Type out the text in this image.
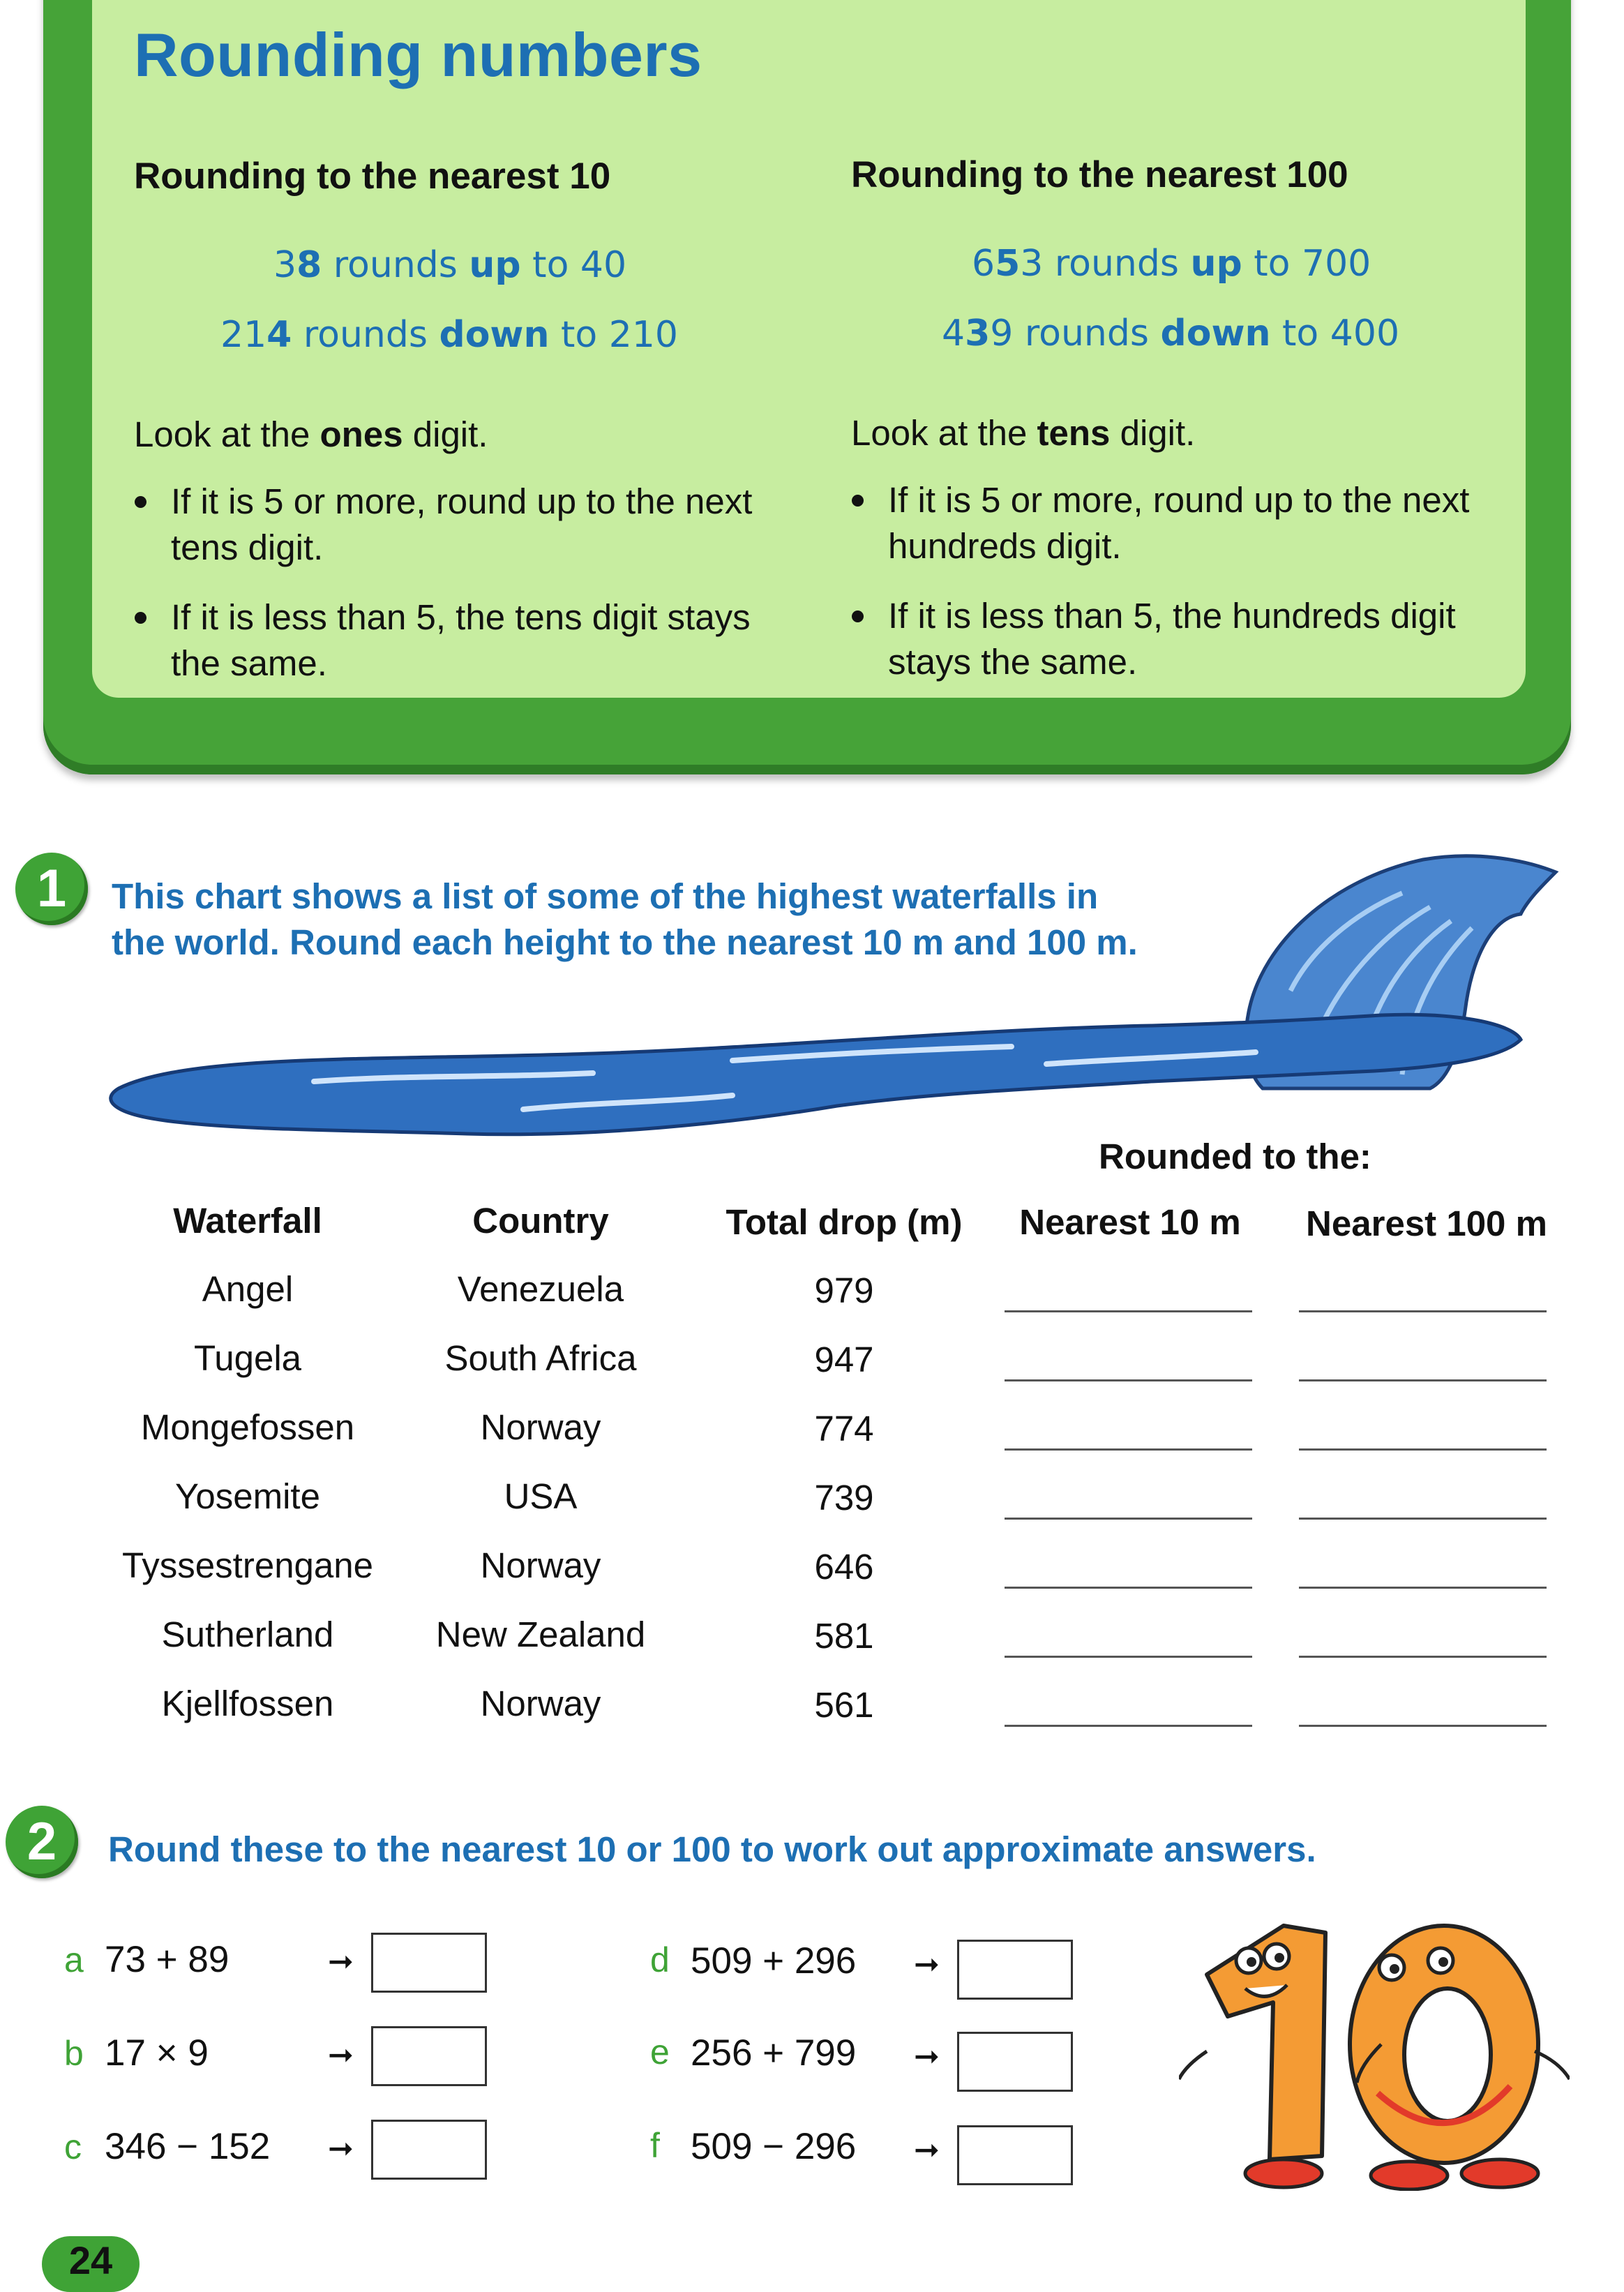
Rounding numbers
Rounding to the nearest 10
38 rounds up to 40
214 rounds down to 210
Look at the ones digit.
If it is 5 or more, round up to the next tens digit.
If it is less than 5, the tens digit stays the same.
Rounding to the nearest 100
653 rounds up to 700
439 rounds down to 400
Look at the tens digit.
If it is 5 or more, round up to the next hundreds digit.
If it is less than 5, the hundreds digit stays the same.
1	This chart shows a list of some of the highest waterfalls in
the world. Round each height to the nearest 10 m and 100 m.
Rounded to the:
Waterfall	Country	Total drop (m)	Nearest 10 m	Nearest 100 m
Angel	Venezuela	979
Tugela	South Africa	947
Mongefossen	Norway	774
Yosemite	USA	739
Tyssestrengane	Norway	646
Sutherland	New Zealand	581
Kjellfossen	Norway	561
2	Round these to the nearest 10 or 100 to work out approximate answers.
a 73 + 89	➞
b 17 × 9	➞
c 346 − 152 ➞
d 509 + 296 ➞
e 256 + 799 ➞
f 509 − 296 ➞
10
24
